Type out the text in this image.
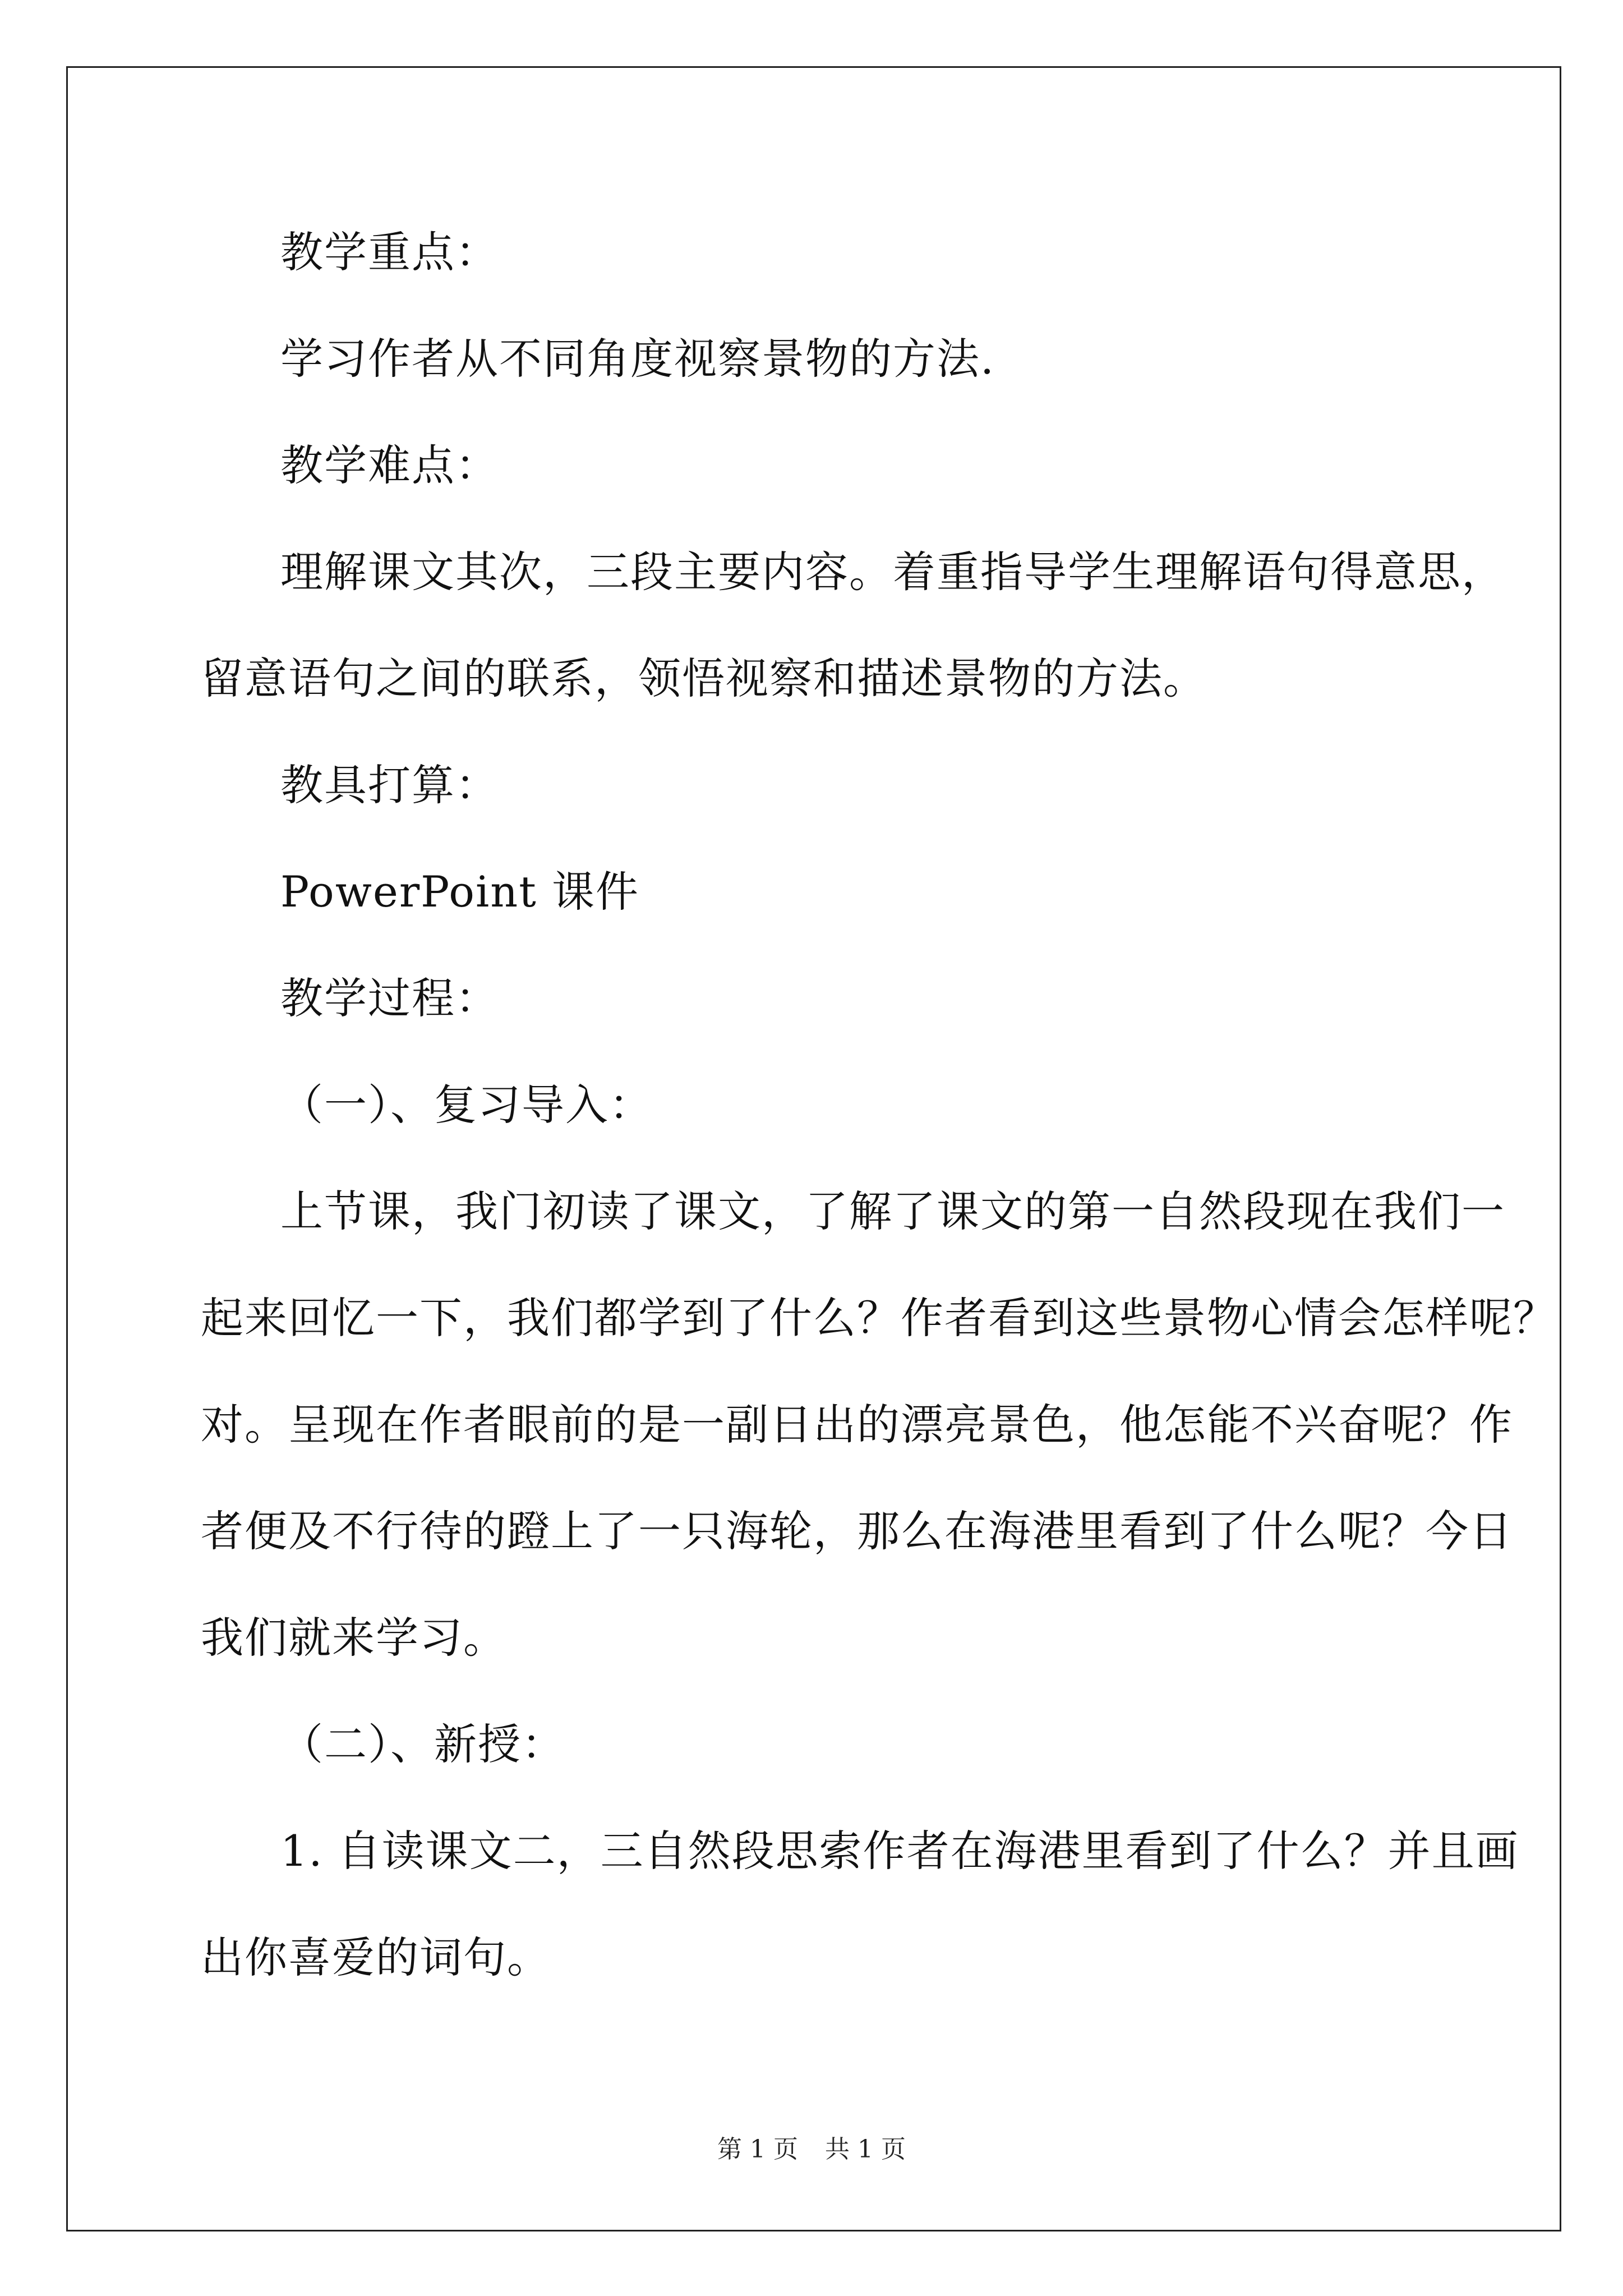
教学重点：
学习作者从不同角度视察景物的方法.
教学难点：
理解课文其次，三段主要内容。着重指导学生理解语句得意思，
留意语句之间的联系，领悟视察和描述景物的方法。
教具打算：
PowerPoint 课件
教学过程：
（一）、复习导入：
上节课，我门初读了课文，了解了课文的第一自然段现在我们一
起来回忆一下，我们都学到了什么？作者看到这些景物心情会怎样呢？
对。呈现在作者眼前的是一副日出的漂亮景色，他怎能不兴奋呢？作
者便及不行待的蹬上了一只海轮，那么在海港里看到了什么呢？今日
我们就来学习。
（二）、新授：
1. 自读课文二，三自然段思索作者在海港里看到了什么？并且画
出你喜爱的词句。
第 1 页 共 1 页
